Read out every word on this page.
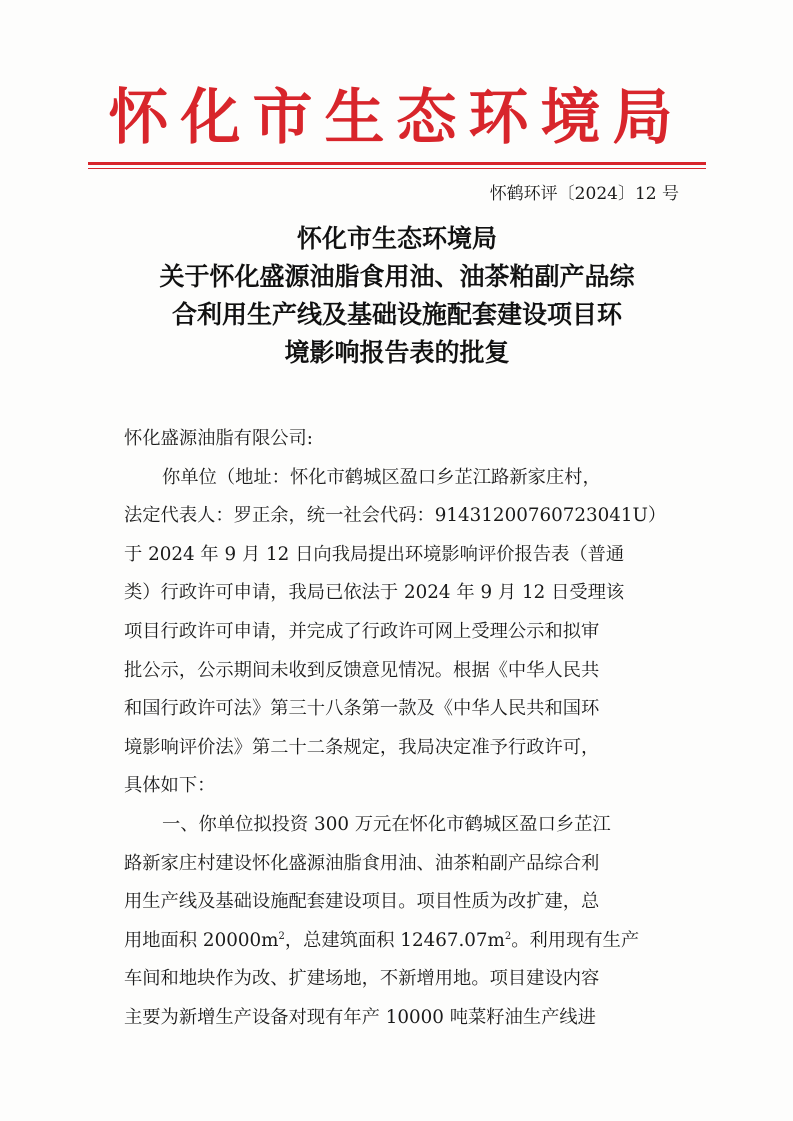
怀化市生态环境局
怀鹤环评〔2024〕12 号
怀化市生态环境局
关于怀化盛源油脂食用油、油茶粕副产品综
合利用生产线及基础设施配套建设项目环
境影响报告表的批复
怀化盛源油脂有限公司:
你单位（地址：怀化市鹤城区盈口乡芷江路新家庄村，
法定代表人：罗正余，统一社会代码：91431200760723041U）
于 2024 年 9 月 12 日向我局提出环境影响评价报告表（普通
类）行政许可申请，我局已依法于 2024 年 9 月 12 日受理该
项目行政许可申请，并完成了行政许可网上受理公示和拟审
批公示，公示期间未收到反馈意见情况。根据《中华人民共
和国行政许可法》第三十八条第一款及《中华人民共和国环
境影响评价法》第二十二条规定，我局决定准予行政许可，
具体如下：
一、你单位拟投资 300 万元在怀化市鹤城区盈口乡芷江
路新家庄村建设怀化盛源油脂食用油、油茶粕副产品综合利
用生产线及基础设施配套建设项目。项目性质为改扩建，总
用地面积 $20000m^2$，总建筑面积 $12467.07m^2$。利用现有生产
车间和地块作为改、扩建场地，不新增用地。项目建设内容
主要为新增生产设备对现有年产 10000 吨菜籽油生产线进
